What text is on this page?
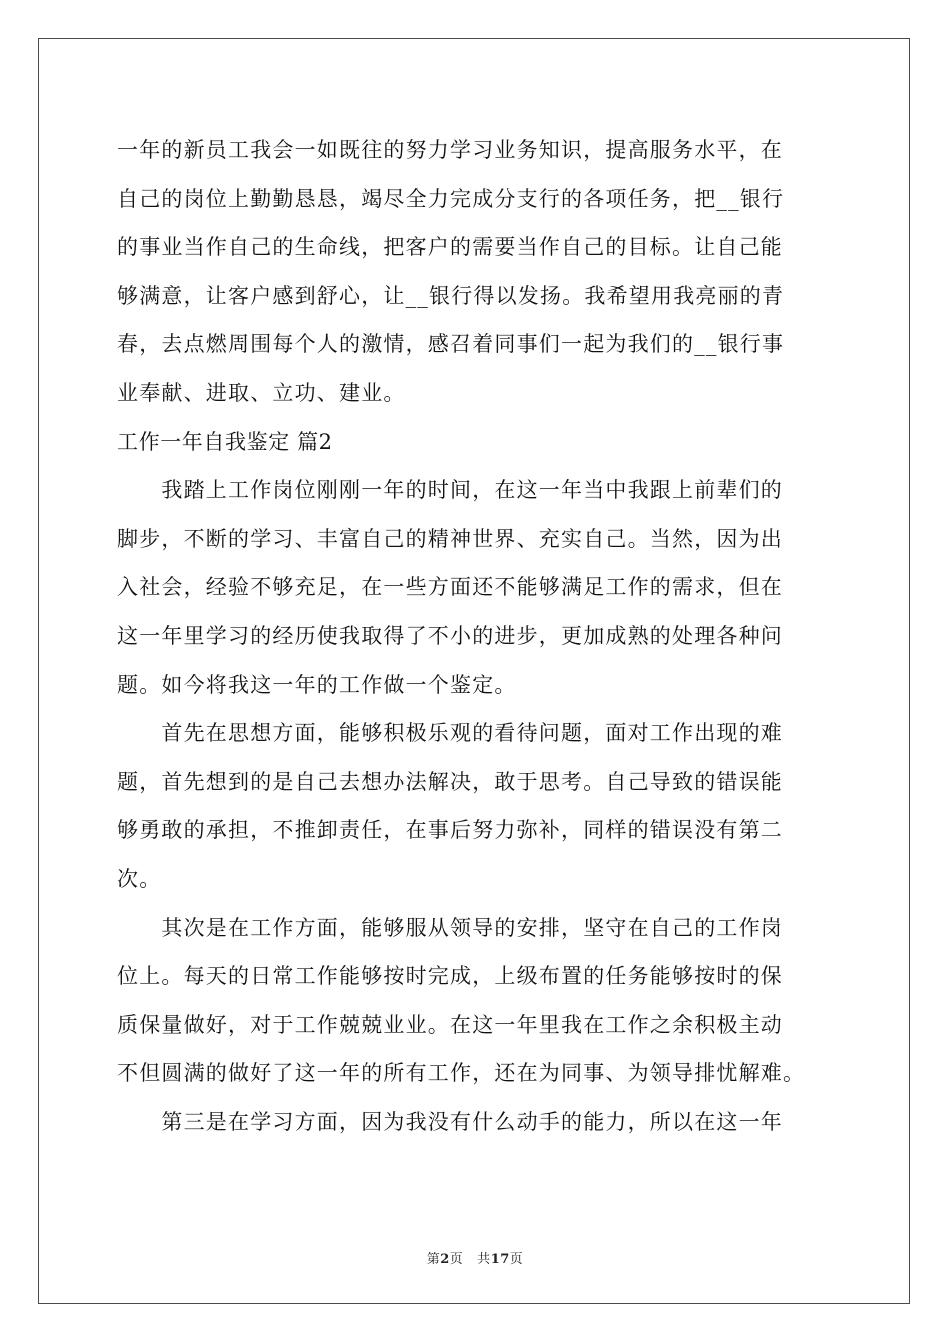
一年的新员工我会一如既往的努力学习业务知识，提高服务水平，在
自己的岗位上勤勤恳恳，竭尽全力完成分支行的各项任务，把__银行
的事业当作自己的生命线，把客户的需要当作自己的目标。让自己能
够满意，让客户感到舒心，让__银行得以发扬。我希望用我亮丽的青
春，去点燃周围每个人的激情，感召着同事们一起为我们的__银行事
业奉献、进取、立功、建业。
工作一年自我鉴定 篇2
　　我踏上工作岗位刚刚一年的时间，在这一年当中我跟上前辈们的
脚步，不断的学习、丰富自己的精神世界、充实自己。当然，因为出
入社会，经验不够充足，在一些方面还不能够满足工作的需求，但在
这一年里学习的经历使我取得了不小的进步，更加成熟的处理各种问
题。如今将我这一年的工作做一个鉴定。
　　首先在思想方面，能够积极乐观的看待问题，面对工作出现的难
题，首先想到的是自己去想办法解决，敢于思考。自己导致的错误能
够勇敢的承担，不推卸责任，在事后努力弥补，同样的错误没有第二
次。
　　其次是在工作方面，能够服从领导的安排，坚守在自己的工作岗
位上。每天的日常工作能够按时完成，上级布置的任务能够按时的保
质保量做好，对于工作兢兢业业。在这一年里我在工作之余积极主动
不但圆满的做好了这一年的所有工作，还在为同事、为领导排忧解难。
　　第三是在学习方面，因为我没有什么动手的能力，所以在这一年
第2页 共17页
